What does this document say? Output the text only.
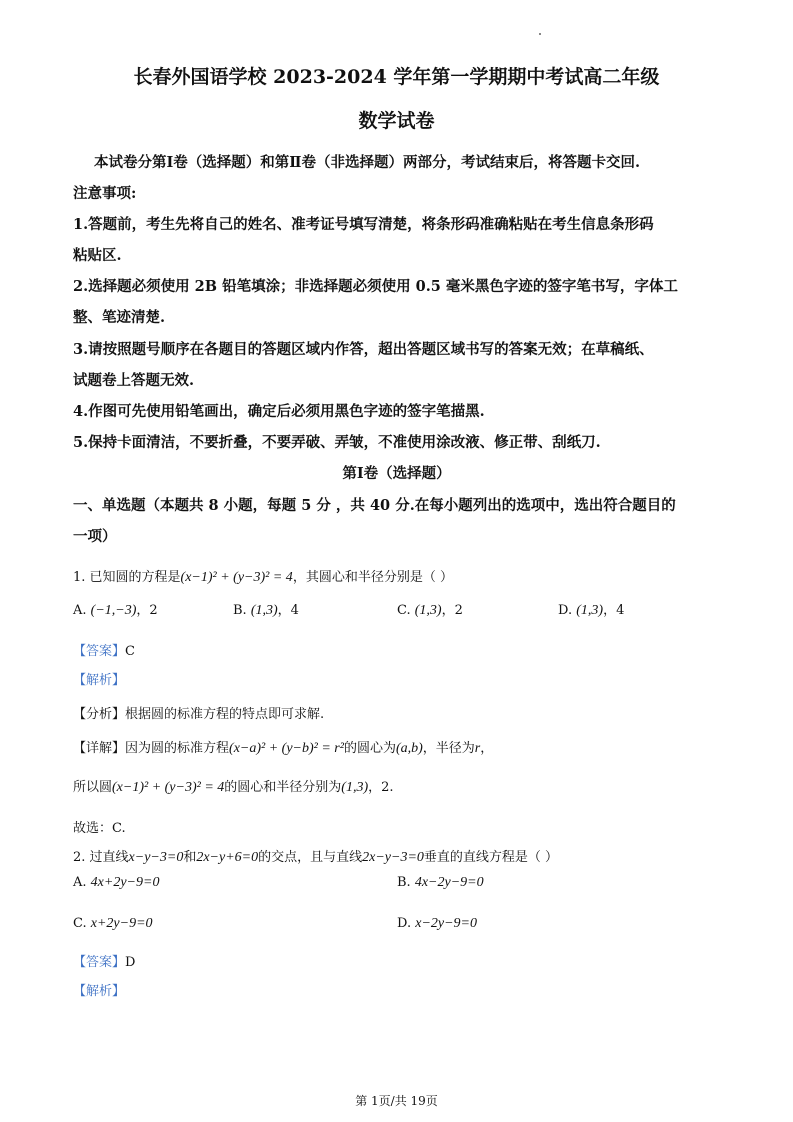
长春外国语学校 2023-2024 学年第一学期期中考试高二年级
数学试卷
本试卷分第Ⅰ卷（选择题）和第Ⅱ卷（非选择题）两部分，考试结束后，将答题卡交回.
注意事项:
1.答题前，考生先将自己的姓名、准考证号填写清楚，将条形码准确粘贴在考生信息条形码
粘贴区.
2.选择题必须使用 2B 铅笔填涂；非选择题必须使用 0.5 毫米黑色字迹的签字笔书写，字体工
整、笔迹清楚.
3.请按照题号顺序在各题目的答题区域内作答，超出答题区域书写的答案无效；在草稿纸、
试题卷上答题无效.
4.作图可先使用铅笔画出，确定后必须用黑色字迹的签字笔描黑.
5.保持卡面清洁，不要折叠，不要弄破、弄皱，不准使用涂改液、修正带、刮纸刀.
第Ⅰ卷（选择题）
一、单选题（本题共 8 小题，每题 5 分 ，共 40 分.在每小题列出的选项中，选出符合题目的
一项）
1. 已知圆的方程是(x−1)² + (y−3)² = 4，其圆心和半径分别是（ ）
A. (−1,−3)，2	B. (1,3)，4	C. (1,3)，2	D. (1,3)，4
【答案】C
【解析】
【分析】根据圆的标准方程的特点即可求解.
【详解】因为圆的标准方程(x−a)² + (y−b)² = r²的圆心为(a,b)，半径为r，
所以圆(x−1)² + (y−3)² = 4的圆心和半径分别为(1,3)，2.
故选：C.
2. 过直线x−y−3=0和2x−y+6=0的交点，且与直线2x−y−3=0垂直的直线方程是（ ）
A. 4x+2y−9=0	B. 4x−2y−9=0
C. x+2y−9=0	D. x−2y−9=0
【答案】D
【解析】
第 1页/共 19页
